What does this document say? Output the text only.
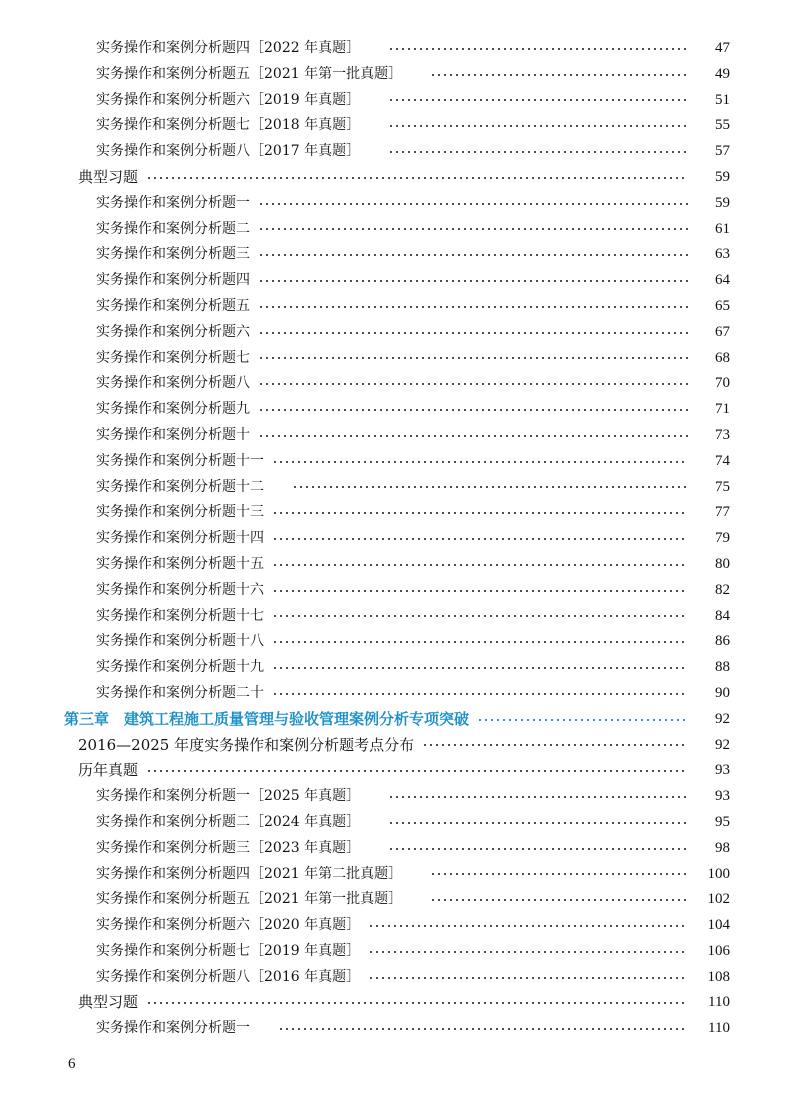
实务操作和案例分析题四［2022 年真题］	47
实务操作和案例分析题五［2021 年第一批真题］	49
实务操作和案例分析题六［2019 年真题］	51
实务操作和案例分析题七［2018 年真题］	55
实务操作和案例分析题八［2017 年真题］	57
典型习题	59
实务操作和案例分析题一	59
实务操作和案例分析题二	61
实务操作和案例分析题三	63
实务操作和案例分析题四	64
实务操作和案例分析题五	65
实务操作和案例分析题六	67
实务操作和案例分析题七	68
实务操作和案例分析题八	70
实务操作和案例分析题九	71
实务操作和案例分析题十	73
实务操作和案例分析题十一	74
实务操作和案例分析题十二	75
实务操作和案例分析题十三	77
实务操作和案例分析题十四	79
实务操作和案例分析题十五	80
实务操作和案例分析题十六	82
实务操作和案例分析题十七	84
实务操作和案例分析题十八	86
实务操作和案例分析题十九	88
实务操作和案例分析题二十	90
第三章　建筑工程施工质量管理与验收管理案例分析专项突破	92
2016—2025 年度实务操作和案例分析题考点分布	92
历年真题	93
实务操作和案例分析题一［2025 年真题］	93
实务操作和案例分析题二［2024 年真题］	95
实务操作和案例分析题三［2023 年真题］	98
实务操作和案例分析题四［2021 年第二批真题］	100
实务操作和案例分析题五［2021 年第一批真题］	102
实务操作和案例分析题六［2020 年真题］	104
实务操作和案例分析题七［2019 年真题］	106
实务操作和案例分析题八［2016 年真题］	108
典型习题	110
实务操作和案例分析题一	110
6
